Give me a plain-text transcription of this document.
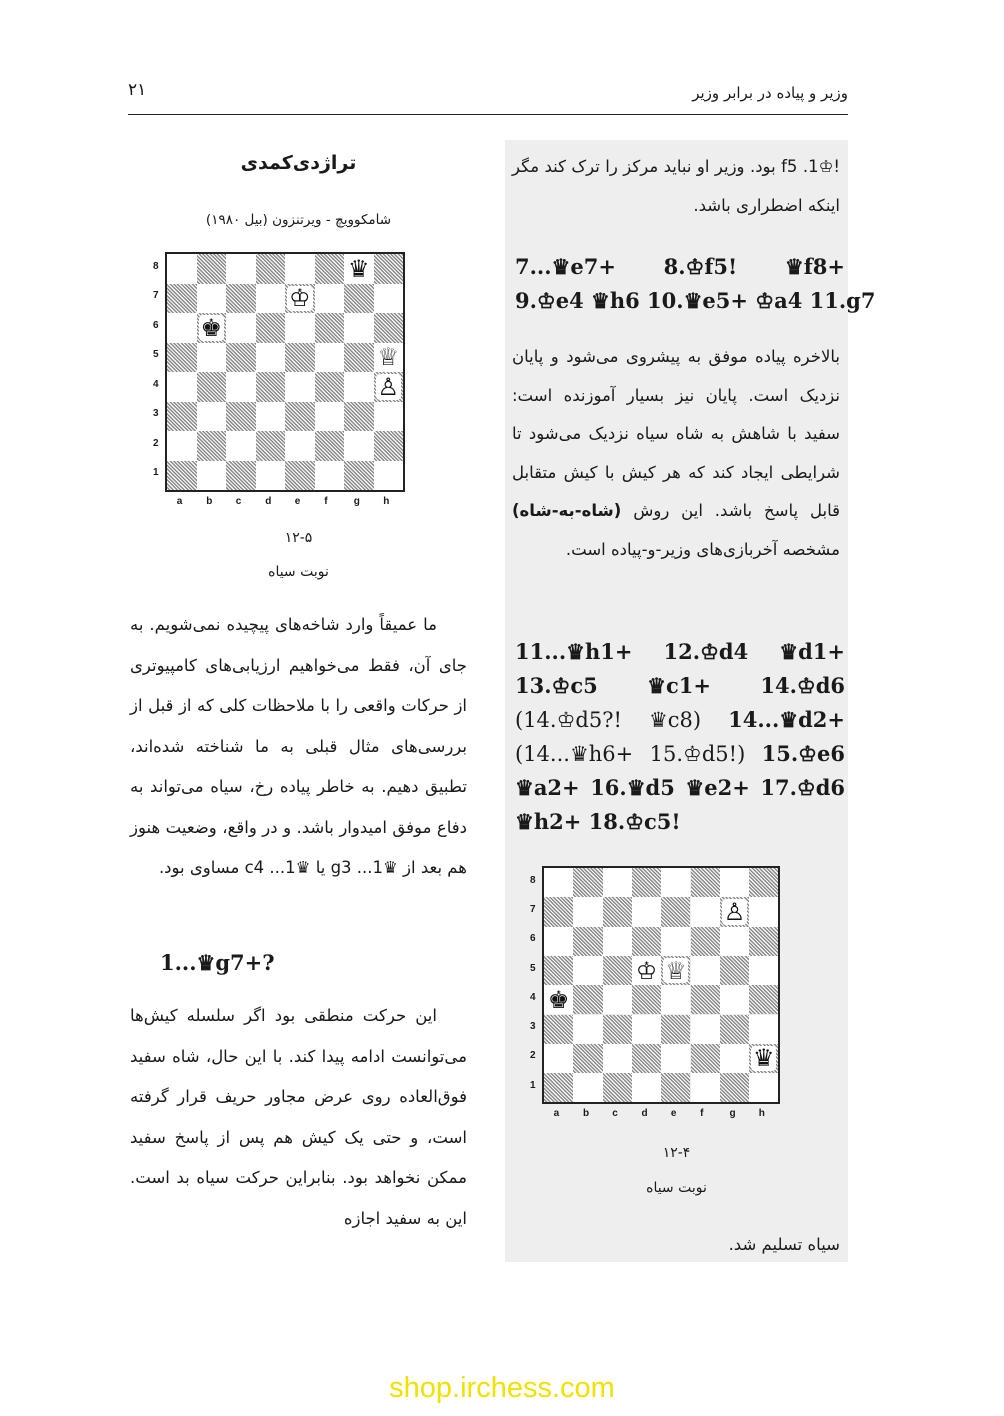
۲۱	وزیر و پیاده در برابر وزیر
!♔f5 .1 بود. وزیر او نباید مرکز را ترک کند مگر اینکه اضطراری باشد.
7...♛e7+ 8.♔f5! ♛f8+
9.♔e4 ♛h6 10.♛e5+ ♔a4 11.g7
بالاخره پیاده موفق به پیشروی می‌شود و پایان نزدیک است. پایان نیز بسیار آموزنده است: سفید با شاهش به شاه سیاه نزدیک می‌شود تا شرایطی ایجاد کند که هر کیش با کیش متقابل قابل پاسخ باشد. این روش (شاه-به-شاه) مشخصه آخربازی‌های وزیر-و-پیاده است.
11...♛h1+ 12.♔d4 ♛d1+
13.♔c5 ♛c1+ 14.♔d6
(14.♔d5?! ♛c8) 14...♛d2+
(14...♛h6+ 15.♔d5!) 15.♔e6
♛a2+ 16.♛d5 ♛e2+ 17.♔d6
♛h2+ 18.♔c5!
۱۲-۴
نوبت سیاه
سیاه تسلیم شد.
♙
♔ ♕
♚
♛
8
7
6
5
4
3
2
1
a b c d e f	g h
تراژدی‌کمدی
شامکوویچ - ویرتنزون (بیل ۱۹۸۰)
۱۲-۵
نوبت سیاه

ما عمیقاً وارد شاخه‌های پیچیده نمی‌شویم. به جای آن، فقط می‌خواهیم ارزیابی‌های کامپیوتری از حرکات واقعی را با ملاحظات کلی که از قبل از بررسی‌های مثال قبلی به ما شناخته شده‌اند، تطبیق دهیم. به خاطر پیاده رخ، سیاه می‌تواند به دفاع موفق امیدوار باشد. و در واقع، وضعیت هنوز هم بعد از ♛g3 ...1 یا ♛c4 ...1 مساوی بود.

1...♛g7+?

این حرکت منطقی بود اگر سلسله کیش‌ها می‌توانست ادامه پیدا کند. با این حال، شاه سفید فوق‌العاده روی عرض مجاور حریف قرار گرفته است، و حتی یک کیش هم پس از پاسخ سفید ممکن نخواهد بود. بنابراین حرکت سیاه بد است. این به سفید اجازه

shop.irchess.com
♛
♔
♚
♕
♙
8
7
6
5
4
3
2
1
a b c d e f	g h
